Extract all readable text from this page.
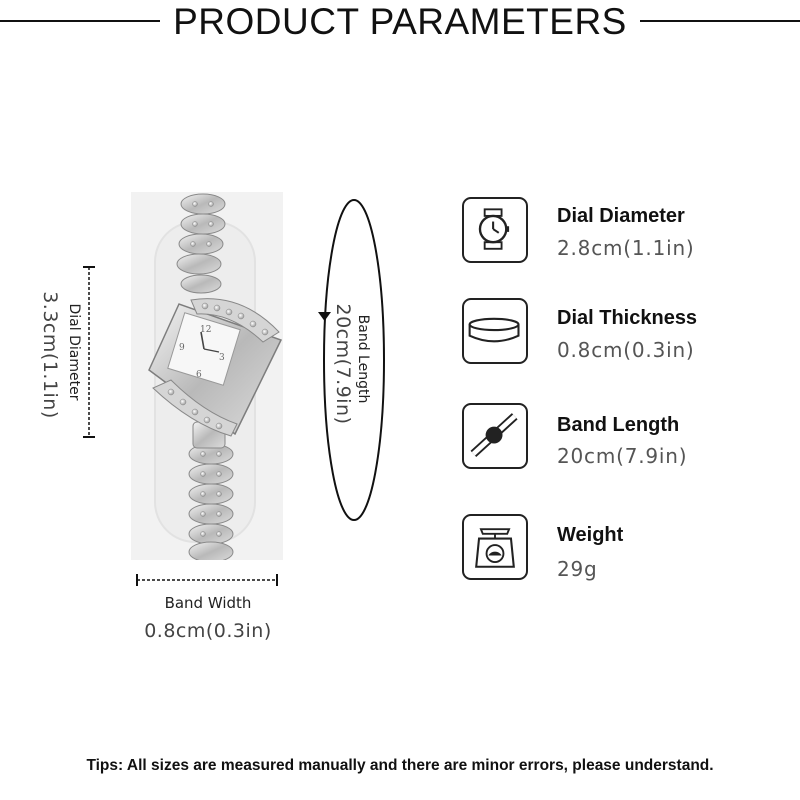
PRODUCT PARAMETERS
3.3cm(1.1in) Dial Diameter	12
3
6
9	20cm(7.9in) Band Length
Band Width
0.8cm(0.3in)
Dial Diameter
2.8cm(1.1in)
Dial Thickness
0.8cm(0.3in)
Band Length
20cm(7.9in)
Weight
29g
Tips: All sizes are measured manually and there are minor errors, please understand.
